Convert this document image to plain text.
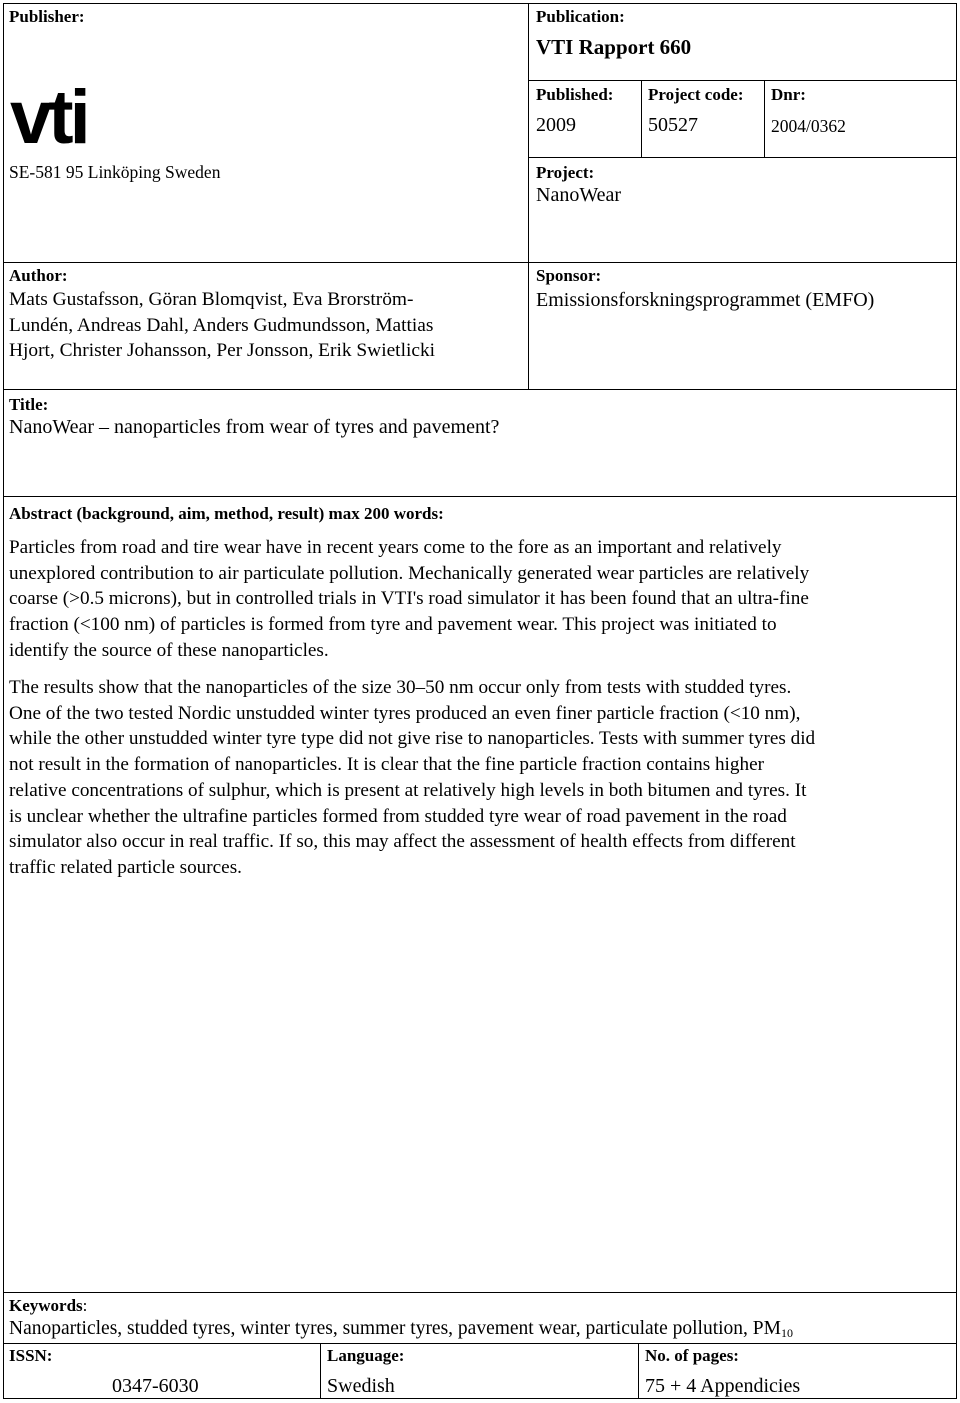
Publisher:
vti
SE-581 95 Linköping Sweden
Publication:
VTI Rapport 660
Published:
2009
Project code:
50527
Dnr:
2004/0362
Project:
NanoWear
Author:
Mats Gustafsson, Göran Blomqvist, Eva Brorström-
Lundén, Andreas Dahl, Anders Gudmundsson, Mattias
Hjort, Christer Johansson, Per Jonsson, Erik Swietlicki
Sponsor:
Emissionsforskningsprogrammet (EMFO)
Title:
NanoWear – nanoparticles from wear of tyres and pavement?
Abstract (background, aim, method, result) max 200 words:
Particles from road and tire wear have in recent years come to the fore as an important and relatively
unexplored contribution to air particulate pollution. Mechanically generated wear particles are relatively
coarse (>0.5 microns), but in controlled trials in VTI's road simulator it has been found that an ultra-fine
fraction (<100 nm) of particles is formed from tyre and pavement wear. This project was initiated to
identify the source of these nanoparticles.
The results show that the nanoparticles of the size 30–50 nm occur only from tests with studded tyres.
One of the two tested Nordic unstudded winter tyres produced an even finer particle fraction (<10 nm),
while the other unstudded winter tyre type did not give rise to nanoparticles. Tests with summer tyres did
not result in the formation of nanoparticles. It is clear that the fine particle fraction contains higher
relative concentrations of sulphur, which is present at relatively high levels in both bitumen and tyres. It
is unclear whether the ultrafine particles formed from studded tyre wear of road pavement in the road
simulator also occur in real traffic. If so, this may affect the assessment of health effects from different
traffic related particle sources.
Keywords:
Nanoparticles, studded tyres, winter tyres, summer tyres, pavement wear, particulate pollution, $PM_{10}$
ISSN:
0347-6030
Language:
Swedish
No. of pages:
75 + 4 Appendicies
